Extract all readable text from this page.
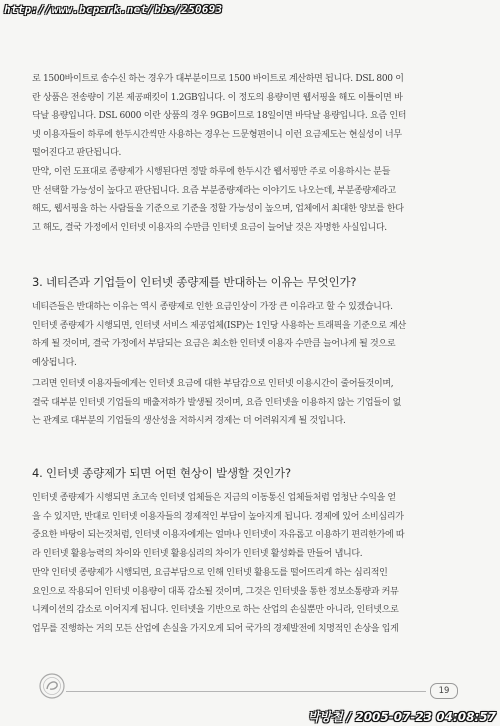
http://www.bcpark.net/bbs/250693
로 1500바이트로 송수신 하는 경우가 대부분이므로 1500 바이트로 계산하면 됩니다. DSL 800 이
란 상품은 전송량이 기본 제공패킷이 1.2GB입니다. 이 정도의 용량이면 웹서핑을 해도 이틀이면 바
닥날 용량입니다. DSL 6000 이란 상품의 경우 9GB이므로 18일이면 바닥날 용량입니다. 요즘 인터
넷 이용자들이 하루에 한두시간씩만 사용하는 경우는 드문형편이니 이런 요금제도는 현실성이 너무
떨어진다고 판단됩니다.
만약, 이런 도표대로 종량제가 시행된다면 정말 하루에 한두시간 웹서핑만 주로 이용하시는 분들
만 선택할 가능성이 높다고 판단됩니다. 요즘 부분종량제라는 이야기도 나오는데, 부분종량제라고
해도, 웹서핑을 하는 사람들을 기준으로 기준을 정할 가능성이 높으며, 업체에서 최대한 양보를 한다
고 해도, 결국 가정에서 인터넷 이용자의 수만큼 인터넷 요금이 늘어날 것은 자명한 사실입니다.
3. 네티즌과 기업들이 인터넷 종량제를 반대하는 이유는 무엇인가?
네티즌들은 반대하는 이유는 역시 종량제로 인한 요금인상이 가장 큰 이유라고 할 수 있겠습니다.
인터넷 종량제가 시행되면, 인터넷 서비스 제공업체(ISP)는 1인당 사용하는 트래픽을 기준으로 계산
하게 될 것이며, 결국 가정에서 부담되는 요금은 최소한 인터넷 이용자 수만큼 늘어나게 될 것으로
예상됩니다.
그리면 인터넷 이용자들에게는 인터넷 요금에 대한 부담감으로 인터넷 이용시간이 줄어들것이며,
결국 대부분 인터넷 기업들의 매출저하가 발생될 것이며, 요즘 인터넷을 이용하지 않는 기업들이 없
는 관계로 대부분의 기업들의 생산성을 저하시켜 경제는 더 어려워지게 될 것입니다.
4. 인터넷 종량제가 되면 어떤 현상이 발생할 것인가?
인터넷 종량제가 시행되면 초고속 인터넷 업체들은 지금의 이동통신 업체들처럼 엄청난 수익을 얻
을 수 있지만, 반대로 인터넷 이용자들의 경제적인 부담이 높아지게 됩니다. 경제에 있어 소비심리가
중요한 바탕이 되는것처럼, 인터넷 이용자에게는 얼마나 인터넷이 자유롭고 이용하기 편리한가에 따
라 인터넷 활용능력의 차이와 인터넷 활용심리의 차이가 인터넷 활성화를 만들어 냅니다.
만약 인터넷 종량제가 시행되면, 요금부담으로 인해 인터넷 활용도를 떨어뜨리게 하는 심리적인
요인으로 작용되어 인터넷 이용량이 대폭 감소될 것이며, 그것은 인터넷을 통한 정보소통량과 커뮤
니케이션의 감소로 이어지게 됩니다. 인터넷을 기반으로 하는 산업의 손실뿐만 아니라, 인터넷으로
업무를 진행하는 거의 모든 산업에 손실을 가지오게 되어 국가의 경제발전에 치명적인 손상을 입게
19
박방철 / 2005-07-23 04:08:57
